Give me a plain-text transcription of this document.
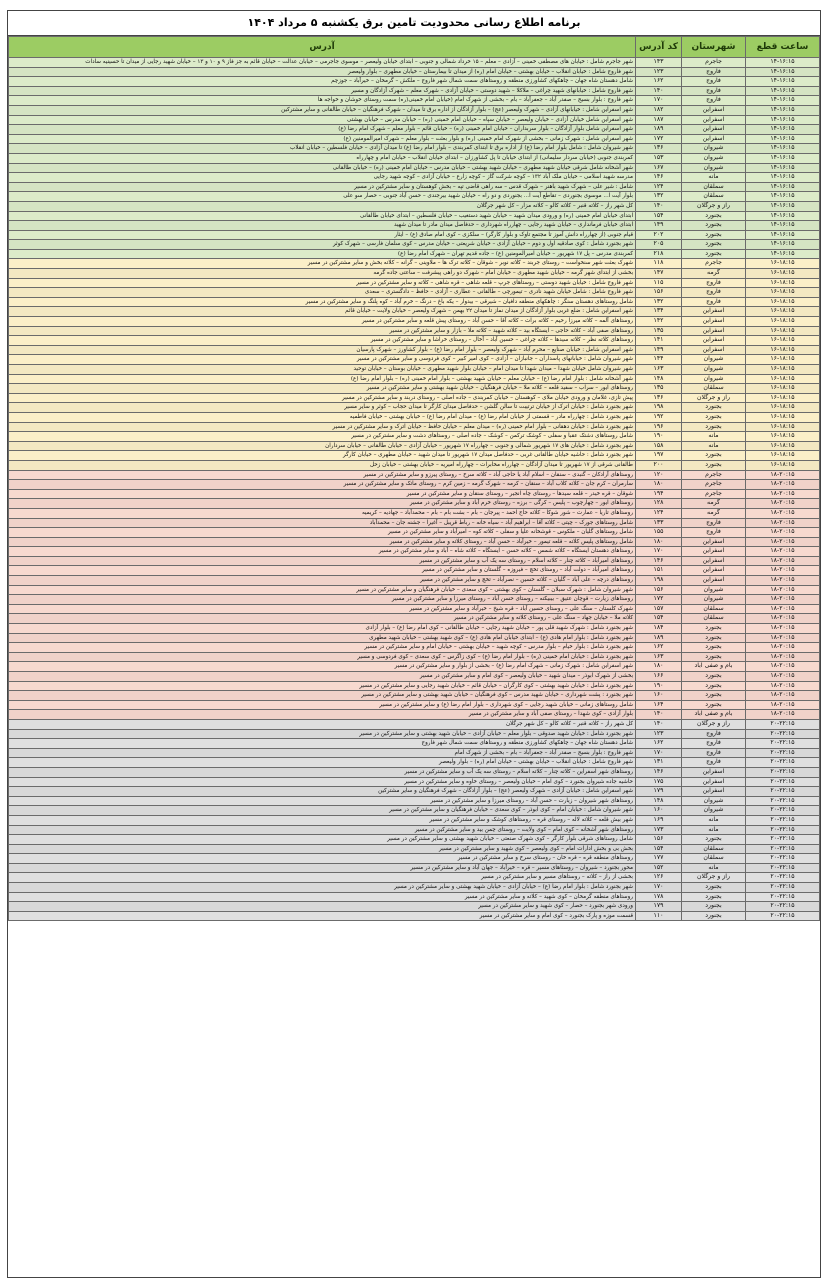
برنامه اطلاع رسانی محدودیت تامین برق یکشنبه ۵ مرداد ۱۴۰۴
ساعت قطع	شهرستان	کد آدرس	آدرس
۱۴-۱۶:۱۵	جاجرم	۱۴۳	شهر جاجرم شامل : خیابان های مصطفی خمینی – آزادی – معلم – ۱۵ خرداد شمالی و جنوبی – ابتدای خیابان ولیعصر – موسوی جاجرمی – خیابان عدالت – خیابان قائم به جز فاز ۹ و ۱۰ و ۱۳ – خیابان شهید رجایی از میدان تا حسینیه سادات
۱۴-۱۶:۱۵	فاروج	۱۲۳	شهر فاروج شامل : خیابان انقلاب – خیابان بهشتی – خیابان امام (ره) از میدان تا بیمارستان – خیابان مطهری – بلوار ولیعصر
۱۴-۱۶:۱۵	فاروج	۱۶۲	شامل دهستان شاه جهان – چاهکهای کشاورزی منطقه و روستاهای سمت شمال شهر فاروج – ملکش – گرمخان – خیرآباد – جوزچم
۱۴-۱۶:۱۵	فاروج	۱۴۰	شهر فاروج شامل : خیابانهای شهید چراغی – ملاکلا – شهید دوستی – خیابان آزادی – شهرک معلم – شهرک آزادگان و مسیر
۱۴-۱۶:۱۵	فاروج	۱۷۰	شهر فاروج : بلوار بسیج – صفدر آباد – جعفرآباد – بام – بخشی از شهرک امام (خیابان امام خمینی(ره) سمت روستای خوشان و خواجه ها
۱۴-۱۶:۱۵	اسفراین	۱۸۲	شهر اسفراین شامل : خیابانهای آزادی – شهرک ولیعصر (عج) – بلوار آزادگان از اداره برق تا میدان – شهرک فرهنگیان – خیابان طالقانی و سایر مشترکین
۱۴-۱۶:۱۵	اسفراین	۱۸۷	شهر اسفراین شامل خیابان آزادی – خیابان ولیعصر – خیابان سپاه – خیابان امام خمینی (ره) – خیابان مدرس – خیابان بهشتی
۱۴-۱۶:۱۵	اسفراین	۱۸۹	شهر اسفراین شامل بلوار آزادگان – بلوار سربداران – خیابان امام خمینی (ره) – خیابان قائم – بلوار معلم – شهرک امام رضا (ع)
۱۴-۱۶:۱۵	اسفراین	۱۷۲	شهر اسفراین شامل : شهرک زمانی – بخشی از شهرک امام خمینی (ره) و بلوار بعثت – بلوار معلم – شهرک امیرالمومنین (ع)
۱۴-۱۶:۱۵	شیروان	۱۳۶	شهر شیروان شامل : شامل بلوار امام رضا (ع) از اداره برق تا ابتدای کمربندی – بلوار امام رضا (ع) تا میدان آزادی – خیابان فلسطین – خیابان انقلاب
۱۴-۱۶:۱۵	شیروان	۱۵۳	کمربندی جنوبی (خیابان سردار سلیمانی) از ابتدای خیابان تا پل کشاورزان – ابتدای خیابان انقلاب – خیابان امام و چهارراه
۱۴-۱۶:۱۵	شیروان	۱۶۷	شهر آشخانه شامل شرقی خیابان شهید مطهری – خیابان شهید بهشتی – خیابان مدرس – خیابان امام خمینی (ره) – خیابان طالقانی
۱۴-۱۶:۱۵	مانه	۱۴۶	مدرسه شهید اسلامی – خیابان ملک آباد ۱۳۲ – کوچه شرکت گاز – کوچه زارع – خیابان آزادی – کوچه شهید رجایی
۱۴-۱۶:۱۵	سملقان	۱۲۴	شامل : شیر علی – شهرک شهید باهنر – شهرک قدس – سه راهی قاضی تپه – بخش کوهستان و سایر مشترکین در مسیر
۱۴-۱۶:۱۵	سملقان	۱۳۲	بلوار آیت ا... موسوی بجنوردی – تقاطع آیت ا... بجنوردی و دو راه – خیابان شهید بیرجندی – حسن آباد جنوبی – حصار سو علی
۱۴-۱۶:۱۵	راز و جرگلان	۱۴۰	کل شهر راز – کلاته قنبر – کلاته کالو – کلاته مزار – کل شهر جرگلان
۱۴-۱۶:۱۵	بجنورد	۱۵۴	ابتدای خیابان امام خمینی (ره) و ورودی میدان شهید – خیابان شهید دستغیب – خیابان فلسطین – ابتدای خیابان طالقانی
۱۴-۱۶:۱۵	بجنورد	۱۴۹	ابتدای خیابان فرمانداری – خیابان شهید رجایی – چهارراه شهرداری – حدفاصل میدان مادر تا میدان شهید
۱۴-۱۶:۱۵	بجنورد	۲۰۲	قیام جنوبی (از چهارراه دانش آموز تا مجتمع تاوک و بلوار کارگر) – سلکزی – کوی امام صادق (ع) – ایثار
۱۴-۱۶:۱۵	بجنورد	۲۰۵	شهر بجنورد شامل : کوی صادقیه اول و دوم – خیابان آزادی – خیابان شریعتی – خیابان مدرس – کوی سلمان فارسی – شهرک کوثر
۱۴-۱۶:۱۵	بجنورد	۲۱۸	کمربندی مدرس – پل ۱۷ شهریور – خیابان امیرالمومنین (ع) – جاده قدیم تهران – شهرک امام رضا (ع)
۱۶-۱۸:۱۵	جاجرم	۱۱۸	شهرک بعثت شهر سنخواست – روستای جربند – کلاته نوبر – شوقان – کلاته ترک ها – ملاوینی – گرانه – کلاته بخش و سایر مشترکین در مسیر
۱۶-۱۸:۱۵	گرمه	۱۴۷	بخشی از ابتدای شهر گرمه – خیابان شهید مطهری – خیابان امام – شهرک دو راهی پیشرفت – ساعتی جاده گرمه
۱۶-۱۸:۱۵	فاروج	۱۱۵	شهر فاروج شامل : خیابان شهید دوستی – روستاهای جرپ – قلعه شاهی – قره شاهی – کلاته و سایر مشترکین در مسیر
۱۶-۱۸:۱۵	فاروج	۱۵۶	شهر فاروج شامل : شامل خیابان شهید نادری – تیمورچی – طالقانی – عطاری – آزادی – حافظ – دادگستری – سعدی
۱۶-۱۸:۱۵	فاروج	۱۳۲	شامل روستاهای دهستان سنگر : چاهکهای منطقه دافیان – شیرقی – بیدوار – یکه باغ – درنگ – خرم آباد – کوه پلنگ و سایر مشترکین در مسیر
۱۶-۱۸:۱۵	اسفراین	۱۳۴	شهر اسفراین شامل : ضلع غربی بلوار آزادگان از میدان نماز تا میدان ۲۲ بهمن – شهرک ولیعصر – خیابان ولایت – خیابان قائم
۱۶-۱۸:۱۵	اسفراین	۱۴۲	روستاهای آلمه – کلاته میرزا رحیم – کلاته برات – کلاته آقا – حسن آباد – روستای پیش قلعه و سایر مشترکین در مسیر
۱۶-۱۸:۱۵	اسفراین	۱۳۵	روستاهای صفی آباد – کلاته حاجی – ایستگاه بید – کلاته شهید – کلاته ملا – بازار و سایر مشترکین در مسیر
۱۶-۱۸:۱۵	اسفراین	۱۴۱	روستاهای کلاته نظر – کلاته سیدها – کلاته چراغی – حسین آباد – آخال – روستای خراشا و سایر مشترکین در مسیر
۱۶-۱۸:۱۵	اسفراین	۱۴۹	شهر اسفراین شامل : خیابان صنایع – محرم آباد – شهرک ولیعصر – بلوار امام رضا (ع) – بلوار کشاورز – شهرک پارسیان
۱۶-۱۸:۱۵	شیروان	۱۴۴	شهر شیروان شامل : خیابانهای پاسداران – جانبازان – آزادی – کوی امیر کبیر – کوی فردوسی و سایر مشترکین در مسیر
۱۶-۱۸:۱۵	شیروان	۱۶۳	شهر شیروان شامل خیابان شهدا – میدان شهدا تا میدان امام – خیابان بلوار شهید مطهری – خیابان بوستان – خیابان توحید
۱۶-۱۸:۱۵	شیروان	۱۴۸	شهر آشخانه شامل : بلوار امام رضا (ع) – خیابان معلم – خیابان شهید بهشتی – بلوار امام خمینی (ره) – بلوار امام رضا (ع)
۱۶-۱۸:۱۵	سملقان	۱۳۵	روستاهای ایور – سراب – سفید قلعه – کلاته ملا – خیابان فرهنگیان – خیابان شهید بهشتی و سایر مشترکین در مسیر
۱۶-۱۸:۱۵	راز و جرگلان	۱۳۶	پیش تازی، غلامان و ورودی خیابان ملای – کوهستان – خیابان کمربندی – جاده اصلی – روستای دربند و سایر مشترکین در مسیر
۱۶-۱۸:۱۵	بجنورد	۱۹۸	شهر بجنورد شامل : خیابان اترک از خیابان ترتیبت تا سالن گلشن – حدفاصل میدان کارگر تا میدان حجاب – کوثر و سایر مسیر
۱۶-۱۸:۱۵	بجنورد	۱۹۲	شهر بجنورد شامل : چهارراه مادر – قسمتی از خیابان امام رضا (ع) – میدان امام رضا (ع) – خیابان بهشتی – خیابان فاطمیه
۱۶-۱۸:۱۵	بجنورد	۱۹۶	شهر بجنورد شامل : خیابان دهقانی – بلوار امام خمینی (ره) – میدان معلم – خیابان حافظ – خیابان اترک و سایر مشترکین در مسیر
۱۶-۱۸:۱۵	مانه	۱۹۰	شامل روستاهای دشتک عقبا و سفلی – کوشک ترکمن – کوشک – جاده اصلی – روستاهای دشت و سایر مشترکین در مسیر
۱۶-۱۸:۱۵	مانه	۱۵۸	شهر بجنورد شامل : خیابان های ۱۷ شهریور شمالی و جنوبی – چهارراه ۱۷ شهریور – خیابان آزادی – خیابان طالقانی – خیابان سرداران
۱۶-۱۸:۱۵	بجنورد	۱۹۷	شهر بجنورد شامل : حاشیه خیابان طالقانی غربی – حدفاصل میدان ۱۷ شهریور تا میدان شهید – خیابان مطهری – خیابان کارگر
۱۶-۱۸:۱۵	بجنورد	۲۰۰	طالقانی شرقی از ۱۷ شهریور تا میدان آزادگان – چهارراه مخابرات – چهارراه امیریه – خیابان بهشتی – خیابان زحل
۱۸-۲۰:۱۵	جاجرم	۱۲۰	روستاهای آرادکان – گنبدی – سنقان – اسلام آباد یا حاجی آباد – کلاته سرخ – روستای پیرزو و سایر مشترکین در مسیر
۱۸-۲۰:۱۵	جاجرم	۱۸۰	سارمران – کرم جان – کلاته کلاب آباد – سنقان – کرمه – شهرک گرمه – زمین کرم – روستای ماتک و سایر مشترکین در مسیر
۱۸-۲۰:۱۵	جاجرم	۱۹۴	شوقان – قره خیدر – قلعه سیدها – روستای چاه انجیر – روستای سنقان و سایر مشترکین در مسیر
۱۸-۲۰:۱۵	گرمه	۱۲۸	روستاهای ایور – چهارچوب – پلیس – کرگی – برزه – روستای خرم آباد و سایر مشترکین در مسیر
۱۸-۲۰:۱۵	گرمه	۱۲۴	روستاهای تاریا – عمارت – شور شوکا – کلاته حاج احمد – پیرجان – بام – بشت بام – بام – محمدآباد – جهادیه – کریمیه
۱۸-۲۰:۱۵	فاروج	۱۳۳	شامل روستاهای جورک – چیتی – کلاته آقا – ابراهیم آباد – سیاه خانه – رباط قریبل – آغیرا – جشنه جان – محمدآباد
۱۸-۲۰:۱۵	فاروج	۱۵۵	شامل روستاهای گلیان – ملکوس – قوشخانه علیا و سفلی – کلاته کوه – امیرآباد و سایر مشترکین در مسیر
۱۸-۲۰:۱۵	اسفراین	۱۸۰	شامل روستاهای پلیس کلاته – قلعه تیمور – خیرآباد – حسن آباد – روستای کلاته و سایر مشترکین در مسیر
۱۸-۲۰:۱۵	اسفراین	۱۷۰	روستاهای دهستان ایستگاه – کلاته شمس – کلاته حسن – ایستگاه – کلاته شاه – آباد و سایر مشترکین در مسیر
۱۸-۲۰:۱۵	اسفراین	۱۴۶	روستاهای امیرآباد – کلاته چنار – کلاته اسلام – روستای سه یک آب و سایر مشترکین در مسیر
۱۸-۲۰:۱۵	اسفراین	۱۵۱	روستاهای امیرآباد – دولت آباد – روستای تخچ – فیروزه – گلستان و سایر مشترکین در مسیر
۱۸-۲۰:۱۵	اسفراین	۱۹۸	روستاهای درچه – علی آباد – گلیان – کلاته حسین – نصرآباد – تخچ و سایر مشترکین در مسیر
۱۸-۲۰:۱۵	شیروان	۱۵۶	شهر شیروان شامل : شهرک سبلان – گلستان – کوی بهشتی – کوی سعدی – خیابان فرهنگیان و سایر مشترکین در مسیر
۱۸-۲۰:۱۵	شیروان	۱۷۲	روستاهای زیارت – قوچان عتیق – بیبیکنه – روستای حسن آباد – روستای میرزا و سایر مشترکین در مسیر
۱۸-۲۰:۱۵	سملقان	۱۵۷	شهرک کلستان – سنگ علی – روستای حسین آباد – قره شیخ – خیرآباد و سایر مشترکین در مسیر
۱۸-۲۰:۱۵	سملقان	۱۵۴	کلاته ملا – خیابان جهاد – سنگ علی – روستای کلاته و سایر مشترکین در مسیر
۱۸-۲۰:۱۵	بجنورد	۱۸۴	شهر بجنورد شامل : شهرک شهید قلی پور – خیابان شهید رجایی – خیابان طالقانی – کوی امام رضا (ع) – بلوار آزادی
۱۸-۲۰:۱۵	بجنورد	۱۸۹	شهر بجنورد شامل : بلوار امام هادی (ع) – ابتدای خیابان امام هادی (ع) – کوی شهید بهشتی – خیابان شهید مطهری
۱۸-۲۰:۱۵	بجنورد	۱۶۲	شهر بجنورد شامل : بلوار خیام – بلوار مدرس – کوچه شهید – خیابان بهشتی – خیابان امام و سایر مشترکین در مسیر
۱۸-۲۰:۱۵	بجنورد	۱۶۳	شهر بجنورد شامل : خیابان امام خمینی (ره) – بلوار امام رضا (ع) – کوی زاگرس – کوی سعدی – کوی فردوسی و مسیر
۱۸-۲۰:۱۵	بام و صفی آباد	۱۸۰	شهر اسفراین شامل : شهرک زمانی – شهرک امام رضا (ع) – بخشی از بلوار و سایر مشترکین در مسیر
۱۸-۲۰:۱۵	بجنورد	۱۶۶	بخشی از شهرک ابوذر – میدان شهید – خیابان ولیعصر – کوی امام و سایر مشترکین در مسیر
۱۸-۲۰:۱۵	بجنورد	۱۹۰	شهر بجنورد شامل : خیابان شهید بهشتی – کوی کارگران – خیابان قائم – خیابان شهید رجایی و سایر مشترکین در مسیر
۱۸-۲۰:۱۵	بجنورد	۱۶۰	شهر بجنورد : پشت شهرداری – خیابان شهید مدرس – کوی فرهنگیان – خیابان شهید بهشتی و سایر مشترکین در مسیر
۱۸-۲۰:۱۵	بجنورد	۱۶۴	شامل روستاهای زمانی – خیابان شهید رجایی – کوی شهرداری – بلوار امام رضا (ع) و سایر مشترکین در مسیر
۱۸-۲۰:۱۵	بام و صفی آباد	۱۴۰	بلوار آزادی – کوی شهدا – روستای صفی آباد و سایر مشترکین در مسیر
۲۰-۲۲:۱۵	راز و جرگلان	۱۴۰	کل شهر راز – کلاته قنبر – کلاته کالو – کل شهر جرگلان
۲۰-۲۲:۱۵	فاروج	۱۲۳	شهر بجنورد شامل : خیابان شهید صدوقی – بلوار معلم – خیابان آزادی – خیابان شهید بهشتی و سایر مشترکین در مسیر
۲۰-۲۲:۱۵	فاروج	۱۶۲	شامل دهستان شاه جهان – چاهکهای کشاورزی منطقه و روستاهای سمت شمال شهر فاروج
۲۰-۲۲:۱۵	فاروج	۱۷۰	شهر فاروج : بلوار بسیج – صفدر آباد – جعفرآباد – بام – بخشی از شهرک امام
۲۰-۲۲:۱۵	فاروج	۱۳۱	شهر فاروج شامل : خیابان انقلاب – خیابان بهشتی – خیابان امام (ره) – بلوار ولیعصر
۲۰-۲۲:۱۵	اسفراین	۱۴۶	روستاهای شهر اسفراین – کلاته چنار – کلاته اسلام – روستای سه یک آب و سایر مشترکین در مسیر
۲۰-۲۲:۱۵	اسفراین	۱۷۵	حاشیه جاده شیروان بجنورد – کوی امام – خیابان ولیعصر – روستای خاوه و سایر مشترکین در مسیر
۲۰-۲۲:۱۵	اسفراین	۱۷۹	شهر اسفراین شامل : خیابان آزادی – شهرک ولیعصر (عج) – بلوار آزادگان – شهرک فرهنگیان و سایر مشترکین
۲۰-۲۲:۱۵	شیروان	۱۴۸	روستاهای شهر شیروان – زیارت – حسن آباد – روستای میرزا و سایر مشترکین در مسیر
۲۰-۲۲:۱۵	شیروان	۱۶۰	شهر شیروان شامل : خیابان امام – کوی ابوذر – کوی سعدی – خیابان فرهنگیان و سایر مشترکین در مسیر
۲۰-۲۲:۱۵	مانه	۱۶۹	شهر بیش قلعه – کلاته لاله – روستای قره – روستاهای کوشک و سایر مشترکین در مسیر
۲۰-۲۲:۱۵	مانه	۱۷۳	روستاهای شهر آشخانه – کوی امام – کوی ولایت – روستای چمن بید و سایر مشترکین در مسیر
۲۰-۲۲:۱۵	بجنورد	۱۵۶	شامل روستاهای شرقی بلوار کارگر – کوی شهرک صنعتی – خیابان شهید بهشتی و سایر مشترکین در مسیر
۲۰-۲۲:۱۵	سملقان	۱۵۴	بخش بی و بخش ادارات امام – کوی ولیعصر – کوی شهید و سایر مشترکین در مسیر
۲۰-۲۲:۱۵	سملقان	۱۷۷	روستاهای منطقه قره – قره خان – روستای سرخ و سایر مشترکین در مسیر
۲۰-۲۲:۱۵	مانه	۱۵۲	محور بجنورد – شیروان – روستاهای مسیر – قره – خیرآباد – جهان آباد و سایر مشترکین در مسیر
۲۰-۲۲:۱۵	راز و جرگلان	۱۲۶	بخشی از راز – کلاته – روستاهای مسیر و سایر مشترکین در مسیر
۲۰-۲۲:۱۵	بجنورد	۱۷۰	شهر بجنورد شامل : بلوار امام رضا (ع) – خیابان آزادی – خیابان شهید بهشتی و سایر مشترکین در مسیر
۲۰-۲۲:۱۵	بجنورد	۱۷۸	روستاهای منطقه گرمخان – کوی شهید – کلاته و سایر مشترکین در مسیر
۲۰-۲۲:۱۵	بجنورد	۱۷۹	ورودی شهر بجنورد – حصار – کوی شهید و سایر مشترکین در مسیر
۲۰-۲۲:۱۵	بجنورد	۱۱۰	قسمت موزه و پارک بجنورد – کوی امام و سایر مشترکین در مسیر
